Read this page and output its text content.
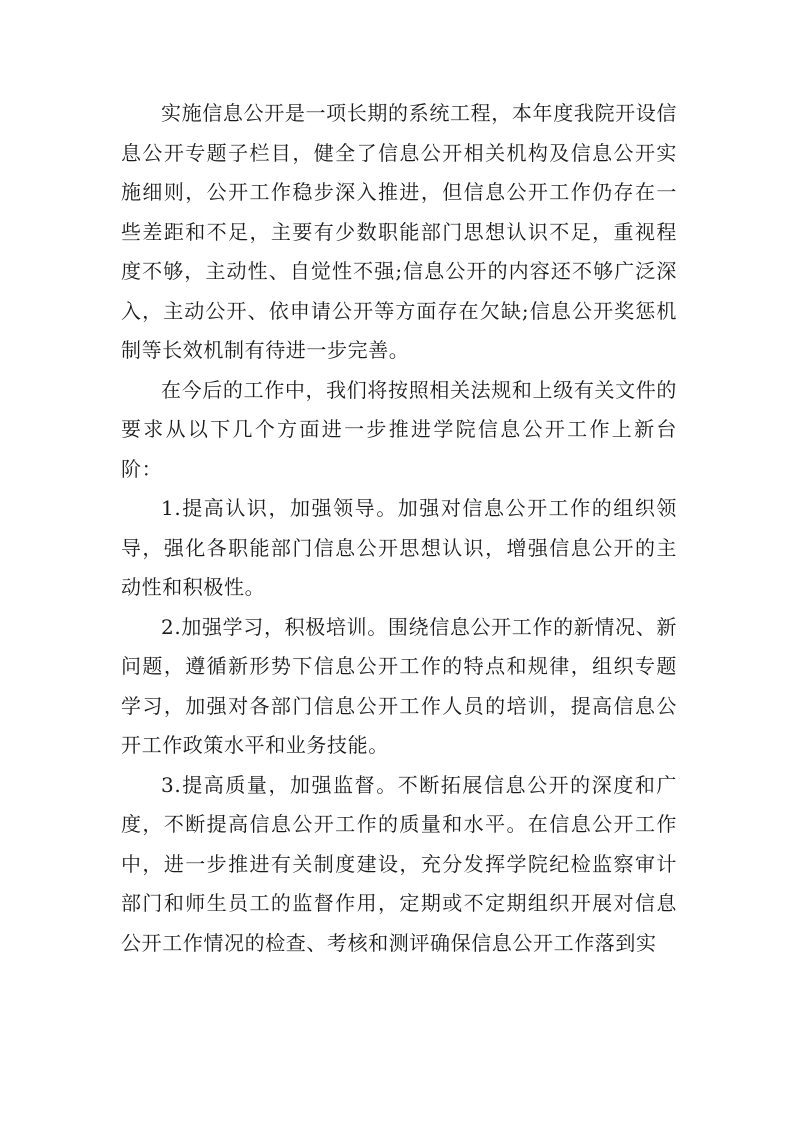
实施信息公开是一项长期的系统工程，本年度我院开设信息公开专题子栏目，健全了信息公开相关机构及信息公开实施细则，公开工作稳步深入推进，但信息公开工作仍存在一些差距和不足，主要有少数职能部门思想认识不足，重视程度不够，主动性、自觉性不强;信息公开的内容还不够广泛深入，主动公开、依申请公开等方面存在欠缺;信息公开奖惩机制等长效机制有待进一步完善。

在今后的工作中，我们将按照相关法规和上级有关文件的要求从以下几个方面进一步推进学院信息公开工作上新台阶：

1.提高认识，加强领导。加强对信息公开工作的组织领导，强化各职能部门信息公开思想认识，增强信息公开的主动性和积极性。

2.加强学习，积极培训。围绕信息公开工作的新情况、新问题，遵循新形势下信息公开工作的特点和规律，组织专题学习，加强对各部门信息公开工作人员的培训，提高信息公开工作政策水平和业务技能。

3.提高质量，加强监督。不断拓展信息公开的深度和广度，不断提高信息公开工作的质量和水平。在信息公开工作中，进一步推进有关制度建设，充分发挥学院纪检监察审计部门和师生员工的监督作用，定期或不定期组织开展对信息公开工作情况的检查、考核和测评确保信息公开工作落到实
